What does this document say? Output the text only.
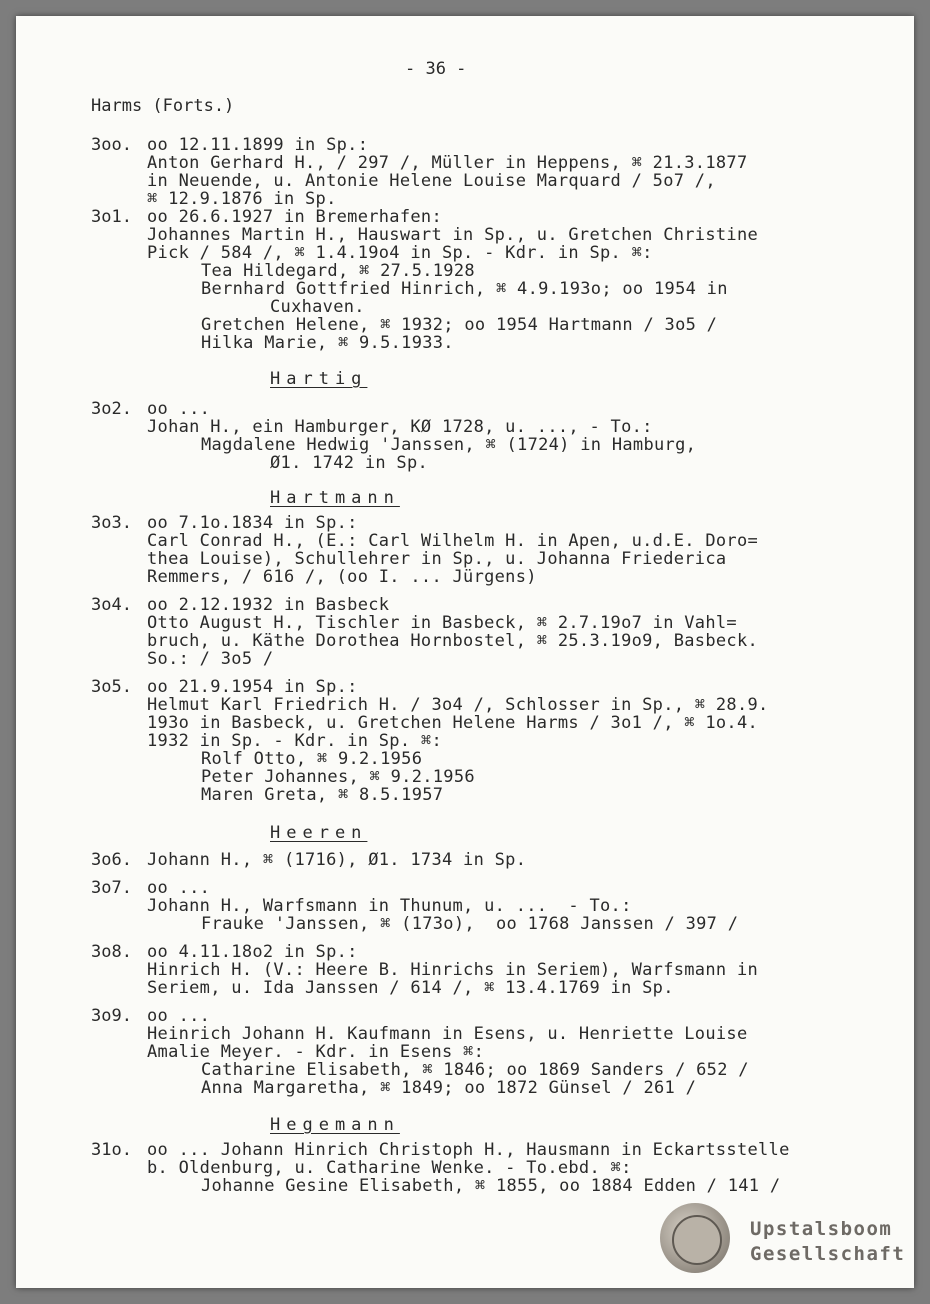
- 36 -
Harms (Forts.)
3oo. oo 12.11.1899 in Sp.:
Anton Gerhard H., / 297 /, Müller in Heppens, ⌘ 21.3.1877
in Neuende, u. Antonie Helene Louise Marquard / 5o7 /,
⌘ 12.9.1876 in Sp.
3o1. oo 26.6.1927 in Bremerhafen:
Johannes Martin H., Hauswart in Sp., u. Gretchen Christine
Pick / 584 /, ⌘ 1.4.19o4 in Sp. - Kdr. in Sp. ⌘:
Tea Hildegard, ⌘ 27.5.1928
Bernhard Gottfried Hinrich, ⌘ 4.9.193o; oo 1954 in
Cuxhaven.
Gretchen Helene, ⌘ 1932; oo 1954 Hartmann / 3o5 /
Hilka Marie, ⌘ 9.5.1933.
Hartig
3o2. oo ...
Johan H., ein Hamburger, KØ 1728, u. ..., - To.:
Magdalene Hedwig 'Janssen, ⌘ (1724) in Hamburg,
Ø1. 1742 in Sp.
Hartmann
3o3. oo 7.1o.1834 in Sp.:
Carl Conrad H., (E.: Carl Wilhelm H. in Apen, u.d.E. Doro=
thea Louise), Schullehrer in Sp., u. Johanna Friederica
Remmers, / 616 /, (oo I. ... Jürgens)
3o4. oo 2.12.1932 in Basbeck
Otto August H., Tischler in Basbeck, ⌘ 2.7.19o7 in Vahl=
bruch, u. Käthe Dorothea Hornbostel, ⌘ 25.3.19o9, Basbeck.
So.: / 3o5 /
3o5. oo 21.9.1954 in Sp.:
Helmut Karl Friedrich H. / 3o4 /, Schlosser in Sp., ⌘ 28.9.
193o in Basbeck, u. Gretchen Helene Harms / 3o1 /, ⌘ 1o.4.
1932 in Sp. - Kdr. in Sp. ⌘:
Rolf Otto, ⌘ 9.2.1956
Peter Johannes, ⌘ 9.2.1956
Maren Greta, ⌘ 8.5.1957
Heeren
3o6. Johann H., ⌘ (1716), Ø1. 1734 in Sp.
3o7. oo ...
Johann H., Warfsmann in Thunum, u. ...  - To.:
Frauke 'Janssen, ⌘ (173o),  oo 1768 Janssen / 397 /
3o8. oo 4.11.18o2 in Sp.:
Hinrich H. (V.: Heere B. Hinrichs in Seriem), Warfsmann in
Seriem, u. Ida Janssen / 614 /, ⌘ 13.4.1769 in Sp.
3o9. oo ...
Heinrich Johann H. Kaufmann in Esens, u. Henriette Louise
Amalie Meyer. - Kdr. in Esens ⌘:
Catharine Elisabeth, ⌘ 1846; oo 1869 Sanders / 652 /
Anna Margaretha, ⌘ 1849; oo 1872 Günsel / 261 /
Hegemann
31o. oo ... Johann Hinrich Christoph H., Hausmann in Eckartsstelle
b. Oldenburg, u. Catharine Wenke. - To.ebd. ⌘:
Johanne Gesine Elisabeth, ⌘ 1855, oo 1884 Edden / 141 /
Upstalsboom
Gesellschaft
